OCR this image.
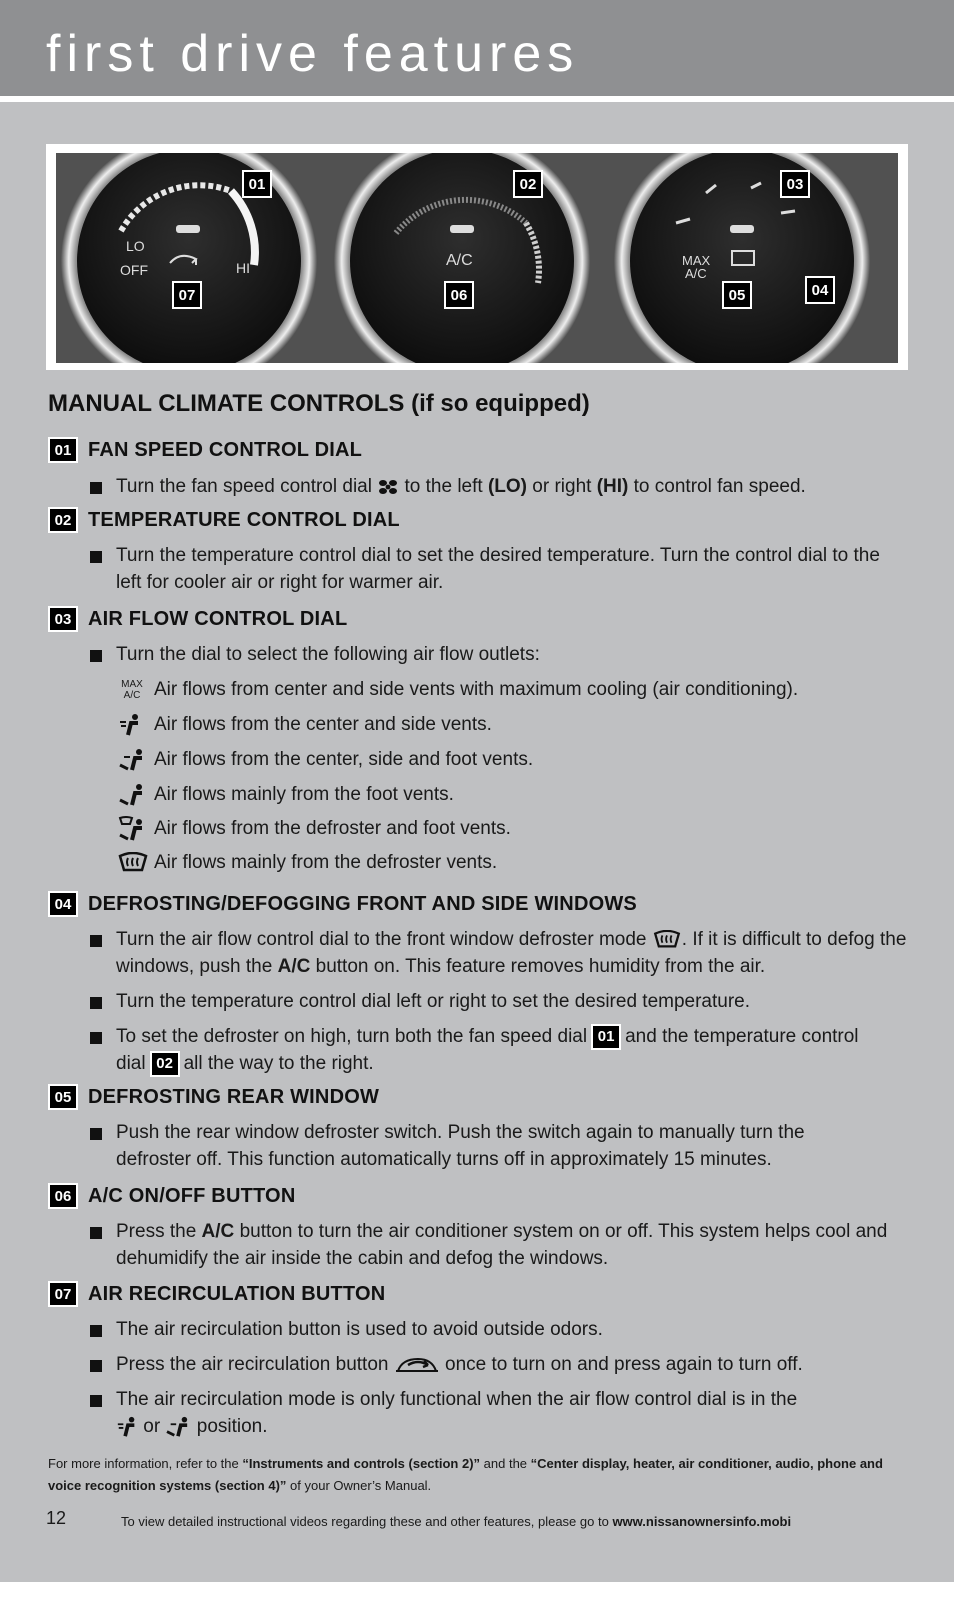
first drive features
LO
OFF	HI	A/C	MAX
A/C
01	02	03
04
05
06
07
MANUAL CLIMATE CONTROLS (if so equipped)
01 FAN SPEED CONTROL DIAL
Turn the fan speed control dial to the left (LO) or right (HI) to control fan speed.
02 TEMPERATURE CONTROL DIAL
Turn the temperature control dial to set the desired temperature. Turn the control dial to the left for cooler air or right for warmer air.
03 AIR FLOW CONTROL DIAL
Turn the dial to select the following air flow outlets:
MAX
A/C Air flows from center and side vents with maximum cooling (air conditioning).
Air flows from the center and side vents.
Air flows from the center, side and foot vents.
Air flows mainly from the foot vents.
Air flows from the defroster and foot vents.
Air flows mainly from the defroster vents.
04 DEFROSTING/DEFOGGING FRONT AND SIDE WINDOWS
Turn the air flow control dial to the front window defroster mode . If it is difficult to defog the windows, push the A/C button on. This feature removes humidity from the air.
Turn the temperature control dial left or right to set the desired temperature.
To set the defroster on high, turn both the fan speed dial 01 and the temperature control dial 02 all the way to the right.
05 DEFROSTING REAR WINDOW
Push the rear window defroster switch. Push the switch again to manually turn the defroster off. This function automatically turns off in approximately 15 minutes.
06 A/C ON/OFF BUTTON
Press the A/C button to turn the air conditioner system on or off. This system helps cool and dehumidify the air inside the cabin and defog the windows.
07 AIR RECIRCULATION BUTTON
The air recirculation button is used to avoid outside odors.
Press the air recirculation button	once to turn on and press again to turn off.
The air recirculation mode is only functional when the air flow control dial is in the
or position.
For more information, refer to the “Instruments and controls (section 2)” and the “Center display, heater, air conditioner, audio, phone and voice recognition systems (section 4)” of your Owner’s Manual.
12	To view detailed instructional videos regarding these and other features, please go to www.nissanownersinfo.mobi
